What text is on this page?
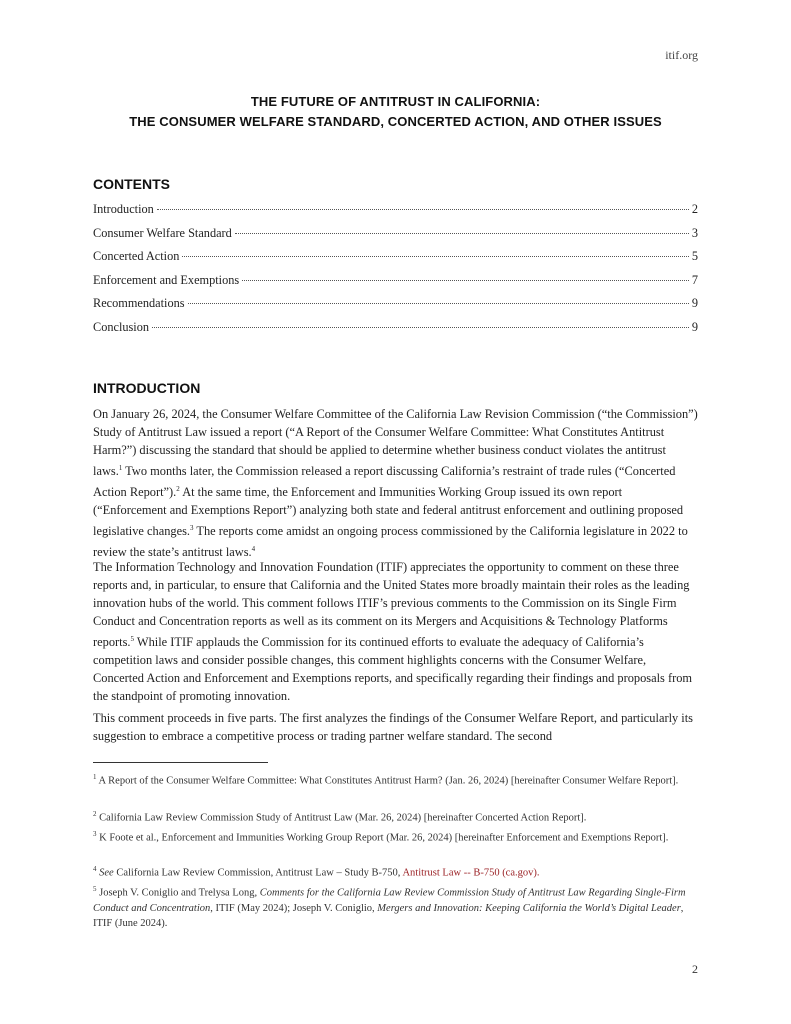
itif.org
THE FUTURE OF ANTITRUST IN CALIFORNIA:
THE CONSUMER WELFARE STANDARD, CONCERTED ACTION, AND OTHER ISSUES
CONTENTS
Introduction	2
Consumer Welfare Standard	3
Concerted Action	5
Enforcement and Exemptions	7
Recommendations	9
Conclusion	9
INTRODUCTION

On January 26, 2024, the Consumer Welfare Committee of the California Law Revision Commission (“the Commission”) Study of Antitrust Law issued a report (“A Report of the Consumer Welfare Committee: What Constitutes Antitrust Harm?”) discussing the standard that should be applied to determine whether business conduct violates the antitrust laws.$^1$ Two months later, the Commission released a report discussing California’s restraint of trade rules (“Concerted Action Report”).$^2$ At the same time, the Enforcement and Immunities Working Group issued its own report (“Enforcement and Exemptions Report”) analyzing both state and federal antitrust enforcement and outlining proposed legislative changes.$^3$ The reports come amidst an ongoing process commissioned by the California legislature in 2022 to review the state’s antitrust laws.$^4$

The Information Technology and Innovation Foundation (ITIF) appreciates the opportunity to comment on these three reports and, in particular, to ensure that California and the United States more broadly maintain their roles as the leading innovation hubs of the world. This comment follows ITIF’s previous comments to the Commission on its Single Firm Conduct and Concentration reports as well as its comment on its Mergers and Acquisitions & Technology Platforms reports.$^5$ While ITIF applauds the Commission for its continued efforts to evaluate the adequacy of California’s competition laws and consider possible changes, this comment highlights concerns with the Consumer Welfare, Concerted Action and Enforcement and Exemptions reports, and specifically regarding their findings and proposals from the standpoint of promoting innovation.

This comment proceeds in five parts. The first analyzes the findings of the Consumer Welfare Report, and particularly its suggestion to embrace a competitive process or trading partner welfare standard. The second

$^1$ A Report of the Consumer Welfare Committee: What Constitutes Antitrust Harm? (Jan. 26, 2024) [hereinafter Consumer Welfare Report].

$^2$ California Law Review Commission Study of Antitrust Law (Mar. 26, 2024) [hereinafter Concerted Action Report].

$^3$ K Foote et al., Enforcement and Immunities Working Group Report (Mar. 26, 2024) [hereinafter Enforcement and Exemptions Report].

$^4$ See California Law Review Commission, Antitrust Law – Study B-750, Antitrust Law -- B-750 (ca.gov).

$^5$ Joseph V. Coniglio and Trelysa Long, Comments for the California Law Review Commission Study of Antitrust Law Regarding Single-Firm Conduct and Concentration, ITIF (May 2024); Joseph V. Coniglio, Mergers and Innovation: Keeping California the World’s Digital Leader, ITIF (June 2024).

2
